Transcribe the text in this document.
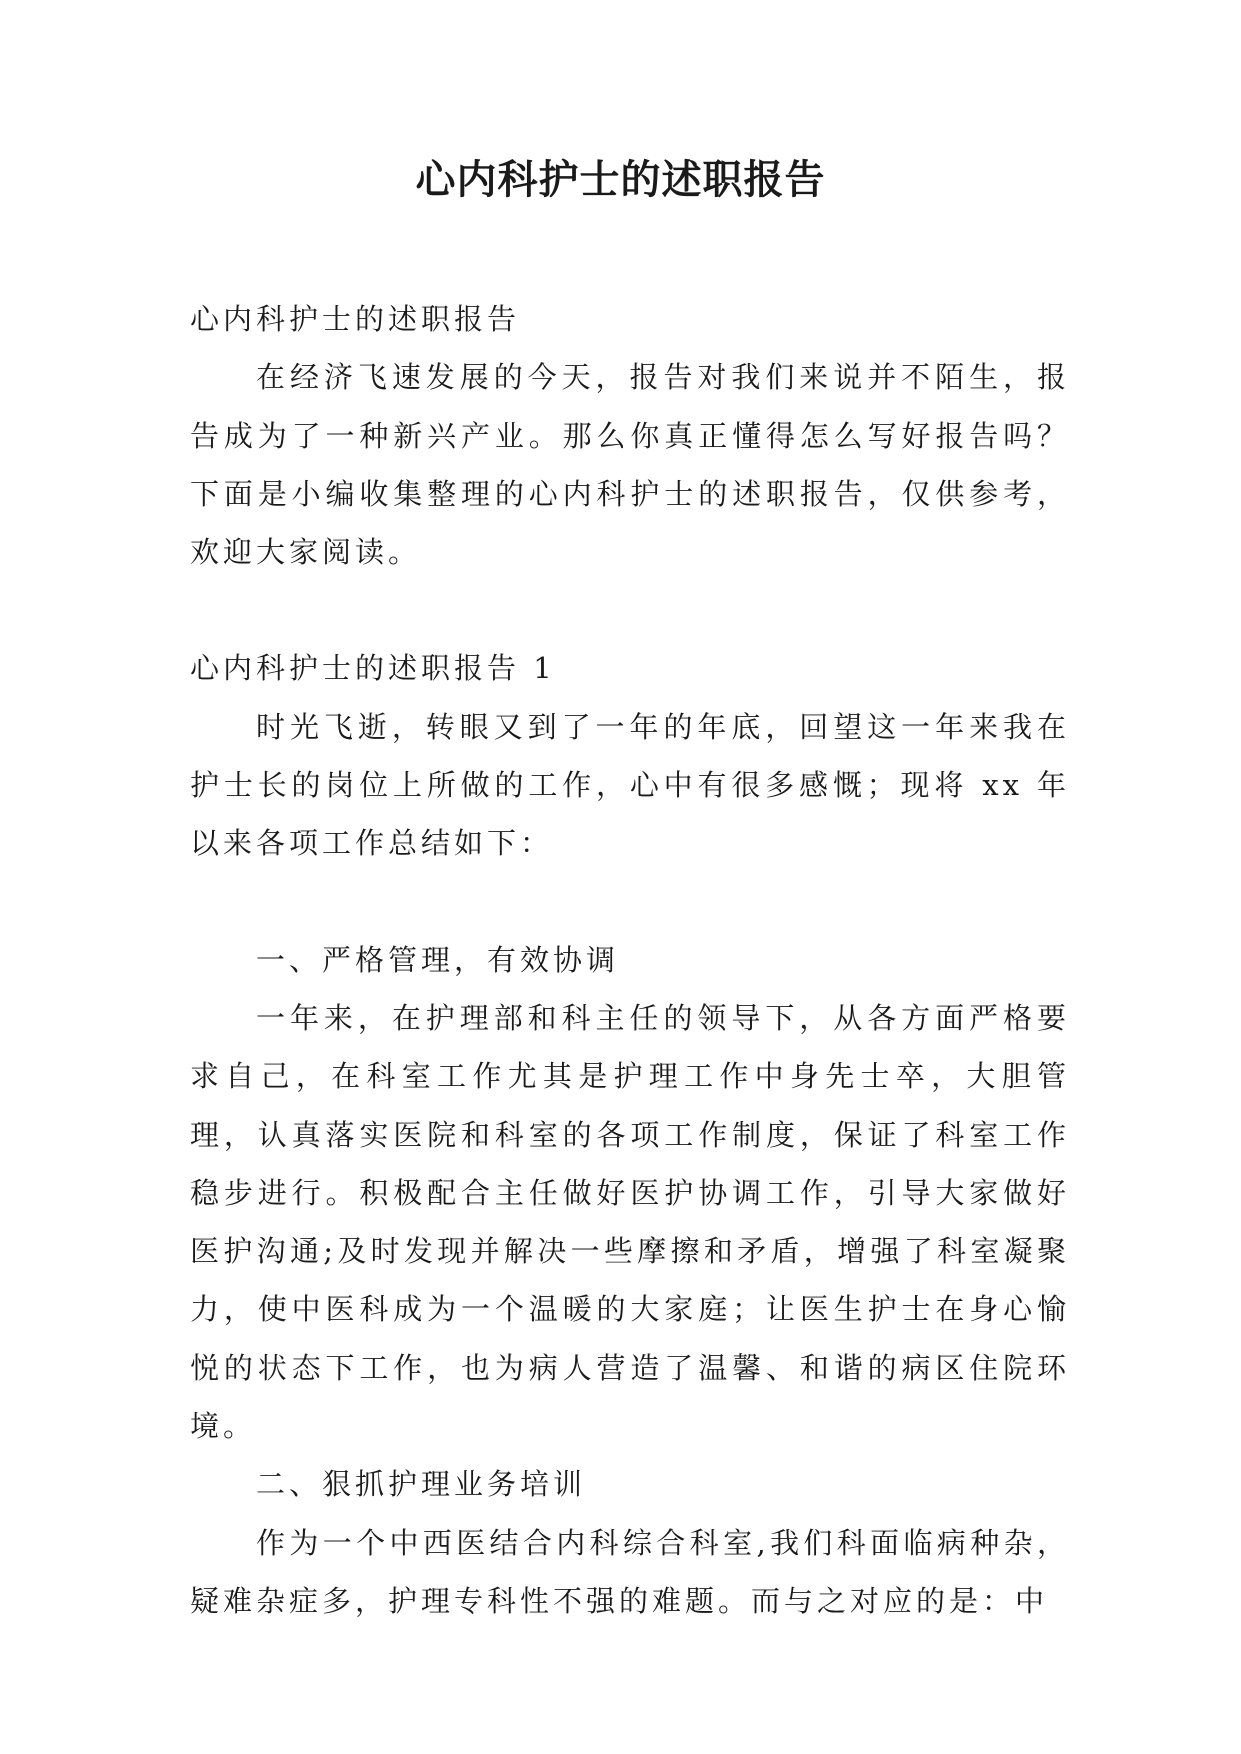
心内科护士的述职报告

心内科护士的述职报告

在经济飞速发展的今天，报告对我们来说并不陌生，报告成为了一种新兴产业。那么你真正懂得怎么写好报告吗？下面是小编收集整理的心内科护士的述职报告，仅供参考，欢迎大家阅读。

心内科护士的述职报告 1

时光飞逝，转眼又到了一年的年底，回望这一年来我在护士长的岗位上所做的工作，心中有很多感慨；现将 xx 年以来各项工作总结如下：

一、严格管理，有效协调

一年来，在护理部和科主任的领导下，从各方面严格要求自己，在科室工作尤其是护理工作中身先士卒，大胆管理，认真落实医院和科室的各项工作制度，保证了科室工作稳步进行。积极配合主任做好医护协调工作，引导大家做好医护沟通;及时发现并解决一些摩擦和矛盾，增强了科室凝聚力，使中医科成为一个温暖的大家庭；让医生护士在身心愉悦的状态下工作，也为病人营造了温馨、和谐的病区住院环境。

二、狠抓护理业务培训

作为一个中西医结合内科综合科室,我们科面临病种杂，疑难杂症多，护理专科性不强的难题。而与之对应的是：中
